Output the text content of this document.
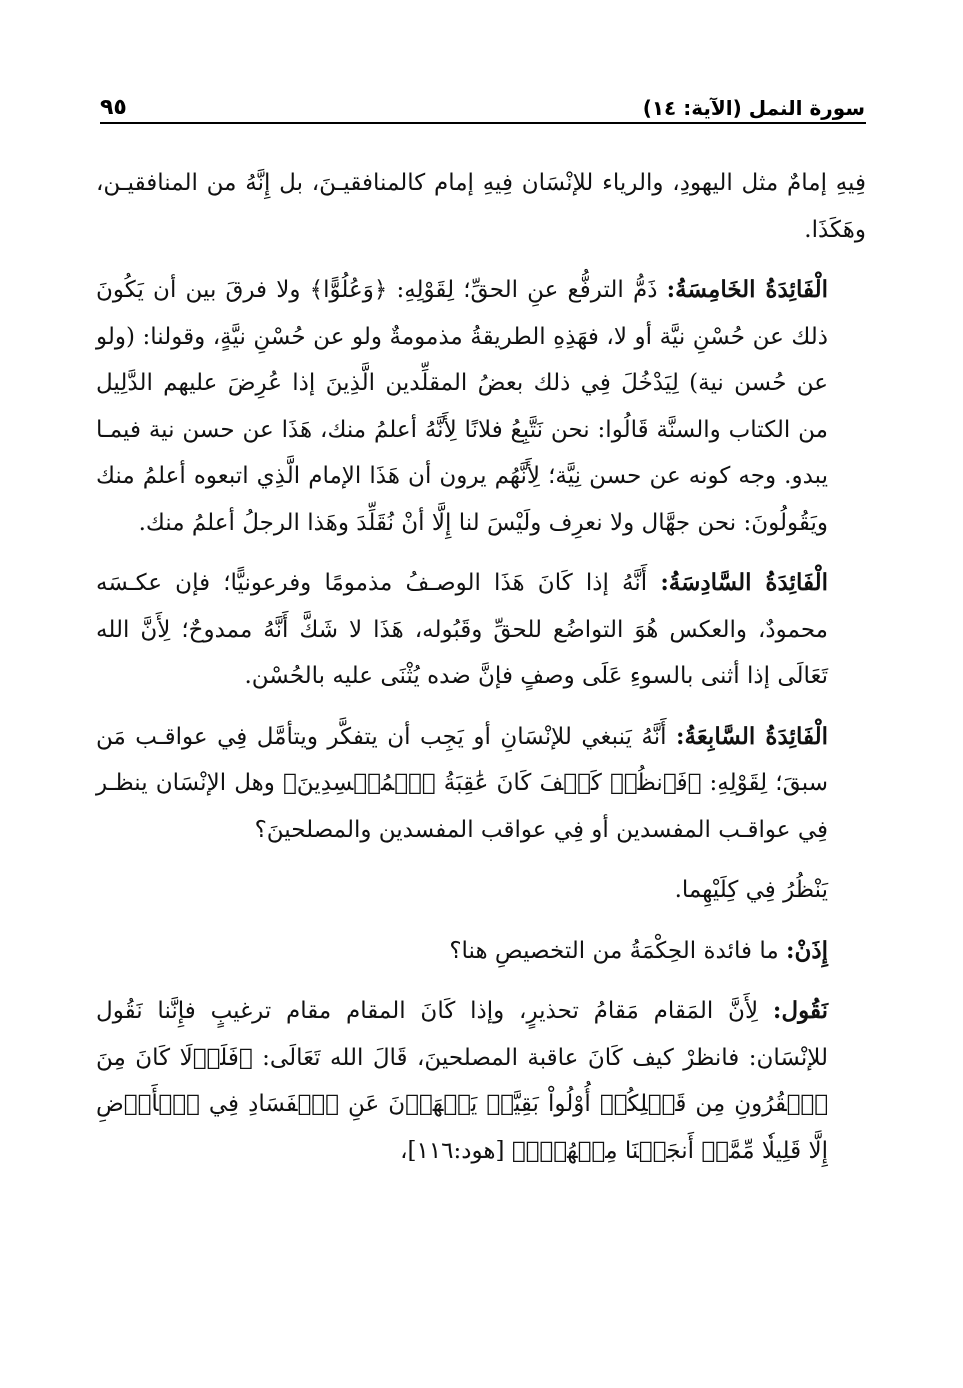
سورة النمل (الآية: ١٤)
٩٥

فِيهِ إمامٌ مثل اليهودِ، والرياء للإنْسَان فِيهِ إمام كالمنافقيـنَ، بل إِنَّهُ من المنافقيـن، وهَكَذَا.

الْفَائِدَةُ الخَامِسَةُ: ذَمُّ الترفُّع عنِ الحقِّ؛ لِقَوْلِهِ: ﴿وَعُلُوًّا﴾ ولا فرقَ بين أن يَكُونَ ذلك عن حُسْنِ نيَّة أو لا، فهَذِهِ الطريقةُ مذمومةٌ ولو عن حُسْنِ نيَّةٍ، وقولنا: (ولو عن حُسن نية) لِيَدْخُلَ فِي ذلك بعضُ المقلِّدين الَّذِينَ إذا عُرِضَ عليهم الدَّلِيل من الكتاب والسنَّة قَالُوا: نحن نَتَّبِعُ فلانًا لِأَنَّهُ أعلمُ منك، هَذَا عن حسن نية فيمـا يبدو. وجه كونه عن حسن نِيَّة؛ لِأَنَّهُم يرون أن هَذَا الإمام الَّذِي اتبعوه أعلمُ منك ويَقُولُونَ: نحن جهَّال ولا نعرِف ولَيْسَ لنا إِلَّا أنْ نُقَلِّدَ وهَذا الرجلُ أعلمُ منك.

الْفَائِدَةُ السَّادِسَةُ: أَنَّهُ إذا كَانَ هَذَا الوصـفُ مذمومًا وفرعونيًّا؛ فإن عكـسَه محمودٌ، والعكس هُوَ التواضُع للحقِّ وقَبُوله، هَذَا لا شَكَّ أَنَّهُ ممدوحٌ؛ لِأَنَّ الله تَعَالَى إذا أثنى بالسوءِ عَلَى وصفٍ فإنَّ ضده يُثْنَى عليه بالحُسْن.

الْفَائِدَةُ السَّابِعَةُ: أَنَّهُ يَنبغي للإنْسَانِ أو يَجِب أن يتفكَّر ويتأمَّل فِي عواقـب مَن سبقَ؛ لِقَوْلِهِ: ﴿فَٱنظُرۡ كَيۡفَ كَانَ عَٰقِبَةُ ٱلۡمُفۡسِدِينَ﴾ وهل الإنْسَان ينظـر فِي عواقـب المفسدين أو فِي عواقب المفسدين والمصلحينَ؟

يَنْظُرُ فِي كِلَيْهِما.

إِذَنْ: ما فائدة الحِكْمَةُ من التخصيصِ هنا؟

نَقُول: لِأَنَّ المَقام مَقامُ تحذيرٍ، وإذا كَانَ المقام مقام ترغيبٍ فإِنَّنا نَقُول للإنْسَان: فانظرْ كيف كَانَ عاقبة المصلحينَ، قَالَ الله تَعَالَى: ﴿فَلَوۡلَا كَانَ مِنَ ٱلۡقُرُونِ مِن قَبۡلِكُمۡ أُوْلُواْ بَقِيَّةٖ يَنۡهَوۡنَ عَنِ ٱلۡفَسَادِ فِي ٱلۡأَرۡضِ إِلَّا قَلِيلٗا مِّمَّنۡ أَنجَيۡنَا مِنۡهُمۡۗ﴾ [هود:١١٦]،
